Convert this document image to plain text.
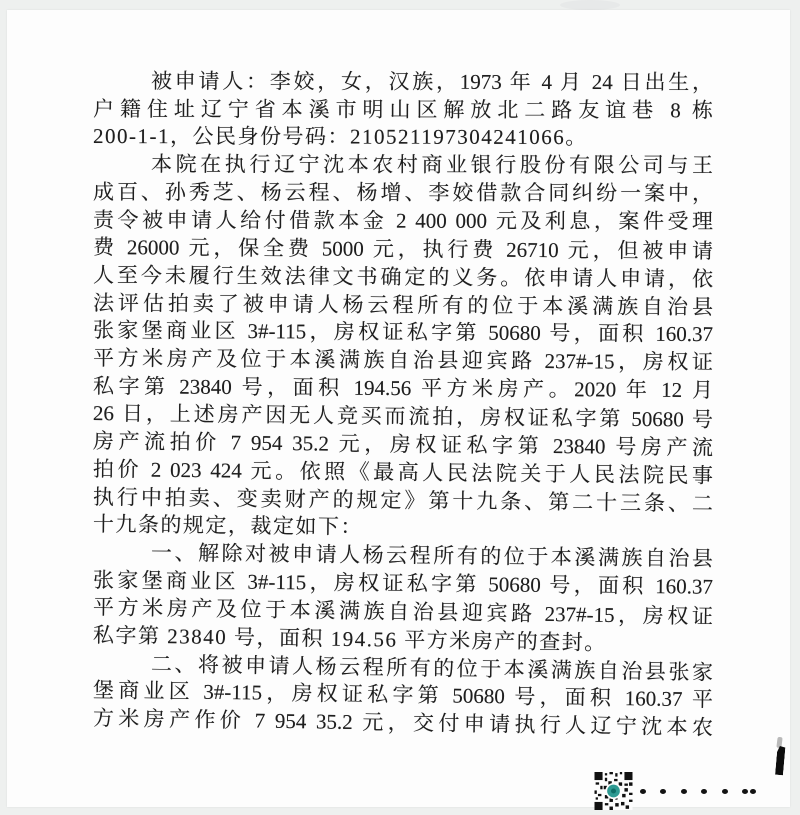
被申请人：李姣，女，汉族，1973 年 4 月 24 日出生，
户籍住址辽宁省本溪市明山区解放北二路友谊巷 8 栋
200-1-1，公民身份号码：210521197304241066。
本院在执行辽宁沈本农村商业银行股份有限公司与王
成百、孙秀芝、杨云程、杨增、李姣借款合同纠纷一案中，
责令被申请人给付借款本金 2 400 000 元及利息，案件受理
费 26000 元，保全费 5000 元，执行费 26710 元，但被申请
人至今未履行生效法律文书确定的义务。依申请人申请，依
法评估拍卖了被申请人杨云程所有的位于本溪满族自治县
张家堡商业区 3#-115，房权证私字第 50680 号，面积 160.37
平方米房产及位于本溪满族自治县迎宾路 237#-15，房权证
私字第 23840 号，面积 194.56 平方米房产。2020 年 12 月
26 日，上述房产因无人竞买而流拍，房权证私字第 50680 号
房产流拍价 7 954 35.2 元，房权证私字第 23840 号房产流
拍价 2 023 424 元。依照《最高人民法院关于人民法院民事
执行中拍卖、变卖财产的规定》第十九条、第二十三条、二
十九条的规定，裁定如下：
一、解除对被申请人杨云程所有的位于本溪满族自治县
张家堡商业区 3#-115，房权证私字第 50680 号，面积 160.37
平方米房产及位于本溪满族自治县迎宾路 237#-15，房权证
私字第 23840 号，面积 194.56 平方米房产的查封。
二、将被申请人杨云程所有的位于本溪满族自治县张家
堡商业区 3#-115，房权证私字第 50680 号，面积 160.37 平
方米房产作价 7 954 35.2 元，交付申请执行人辽宁沈本农
